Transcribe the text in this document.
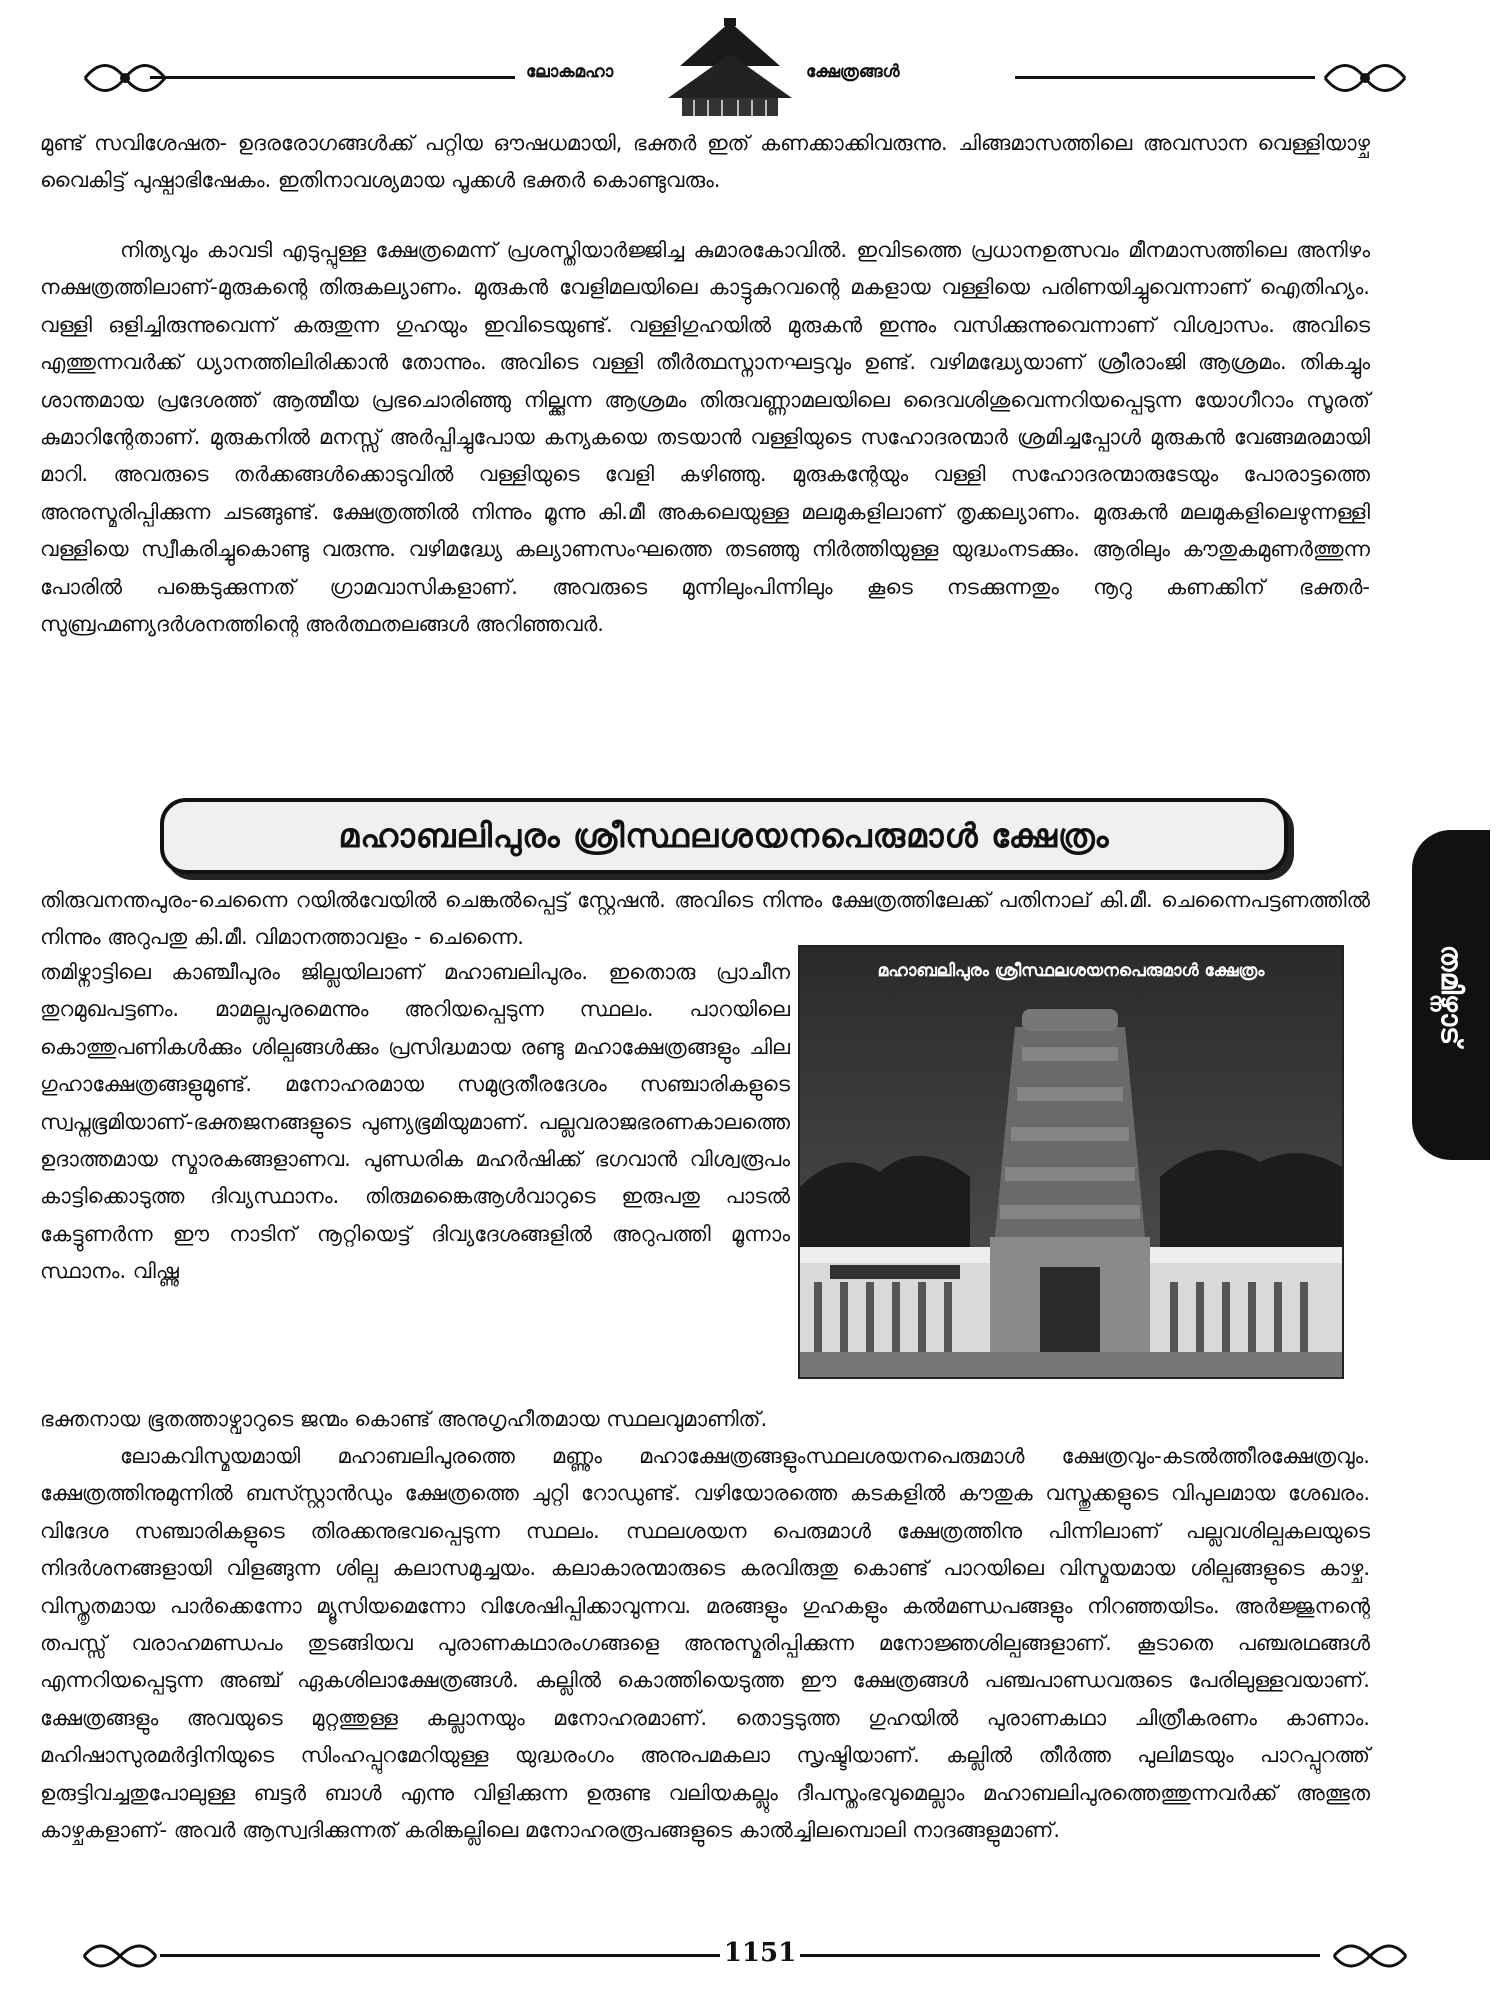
ലോകമഹാ	ക്ഷേത്രങ്ങൾ

മുണ്ട് സവിശേഷത- ഉദരരോഗങ്ങൾക്ക് പറ്റിയ ഔഷധമായി, ഭക്തർ ഇത് കണക്കാക്കിവരുന്നു. ചിങ്ങമാസത്തിലെ അവസാന വെള്ളിയാഴ്ച വൈകിട്ട് പുഷ്പാഭിഷേകം. ഇതിനാവശ്യമായ പൂക്കൾ ഭക്തർ കൊണ്ടുവരും.

നിത്യവും കാവടി എടുപ്പുള്ള ക്ഷേത്രമെന്ന് പ്രശസ്തിയാർജ്ജിച്ച കുമാരകോവിൽ. ഇവിടത്തെ പ്രധാനഉത്സവം മീനമാസത്തിലെ അനിഴം നക്ഷത്രത്തിലാണ്-മുരുകന്റെ തിരുകല്യാണം. മുരുകൻ വേളിമലയിലെ കാട്ടുകുറവന്റെ മകളായ വള്ളിയെ പരിണയിച്ചുവെന്നാണ് ഐതിഹ്യം. വള്ളി ഒളിച്ചിരുന്നുവെന്ന് കരുതുന്ന ഗുഹയും ഇവിടെയുണ്ട്. വള്ളിഗുഹയിൽ മുരുകൻ ഇന്നും വസിക്കുന്നുവെന്നാണ് വിശ്വാസം. അവിടെ എത്തുന്നവർക്ക് ധ്യാനത്തിലിരിക്കാൻ തോന്നും. അവിടെ വള്ളി തീർത്ഥസ്നാനഘട്ടവും ഉണ്ട്. വഴിമദ്ധ്യേയാണ് ശ്രീരാംജി ആശ്രമം. തികച്ചും ശാന്തമായ പ്രദേശത്ത് ആത്മീയ പ്രഭചൊരിഞ്ഞു നില്ക്കുന്ന ആശ്രമം തിരുവണ്ണാമലയിലെ ദൈവശിശുവെന്നറിയപ്പെടുന്ന യോഗീറാം സൂരത് കുമാറിന്റേതാണ്. മുരുകനിൽ മനസ്സ് അർപ്പിച്ചുപോയ കന്യകയെ തടയാൻ വള്ളിയുടെ സഹോദരന്മാർ ശ്രമിച്ചപ്പോൾ മുരുകൻ വേങ്ങമരമായി മാറി. അവരുടെ തർക്കങ്ങൾക്കൊടുവിൽ വള്ളിയുടെ വേളി കഴിഞ്ഞു. മുരുകന്റേയും വള്ളി സഹോദരന്മാരുടേയും പോരാട്ടത്തെ അനുസ്മരിപ്പിക്കുന്ന ചടങ്ങുണ്ട്. ക്ഷേത്രത്തിൽ നിന്നും മൂന്നു കി.മീ അകലെയുള്ള മലമുകളിലാണ് തൃക്കല്യാണം. മുരുകൻ മലമുകളിലെഴുന്നള്ളി വള്ളിയെ സ്വീകരിച്ചുകൊണ്ടു വരുന്നു. വഴിമദ്ധ്യേ കല്യാണസംഘത്തെ തടഞ്ഞു നിർത്തിയുള്ള യുദ്ധംനടക്കും. ആരിലും കൗതുകമുണർത്തുന്ന പോരിൽ പങ്കെടുക്കുന്നത് ഗ്രാമവാസികളാണ്. അവരുടെ മുന്നിലുംപിന്നിലും കൂടെ നടക്കുന്നതും നൂറു കണക്കിന് ഭക്തർ- സുബ്രഹ്മണ്യദർശനത്തിന്റെ അർത്ഥതലങ്ങൾ അറിഞ്ഞവർ.

മഹാബലിപുരം ശ്രീസ്ഥലശയനപെരുമാൾ ക്ഷേത്രം

തിരുവനന്തപുരം-ചെന്നൈ റയിൽവേയിൽ ചെങ്കൽപ്പെട്ട് സ്റ്റേഷൻ. അവിടെ നിന്നും ക്ഷേത്രത്തിലേക്ക് പതിനാല് കി.മീ. ചെന്നൈപട്ടണത്തിൽ നിന്നും അറുപതു കി.മീ. വിമാനത്താവളം - ചെന്നൈ.

തമിഴ്നാട്ടിലെ കാഞ്ചീപുരം ജില്ലയിലാണ് മഹാബലിപുരം. ഇതൊരു പ്രാചീന തുറമുഖപട്ടണം. മാമല്ലപുരമെന്നും അറിയപ്പെടുന്ന സ്ഥലം. പാറയിലെ കൊത്തുപണികൾക്കും ശില്പങ്ങൾക്കും പ്രസിദ്ധമായ രണ്ടു മഹാക്ഷേത്രങ്ങളും ചില ഗുഹാക്ഷേത്രങ്ങളുമുണ്ട്. മനോഹരമായ സമുദ്രതീരദേശം സഞ്ചാരികളുടെ സ്വപ്നഭൂമിയാണ്-ഭക്തജനങ്ങളുടെ പുണ്യഭൂമിയുമാണ്. പല്ലവരാജഭരണകാലത്തെ ഉദാത്തമായ സ്മാരകങ്ങളാണവ. പുണ്ഡരിക മഹർഷിക്ക് ഭഗവാൻ വിശ്വരൂപം കാട്ടിക്കൊടുത്ത ദിവ്യസ്ഥാനം. തിരുമങ്കൈആൾവാറുടെ ഇരുപതു പാടൽ കേട്ടുണർന്ന ഈ നാടിന് നൂറ്റിയെട്ട് ദിവ്യദേശങ്ങളിൽ അറുപത്തി മൂന്നാം സ്ഥാനം. വിഷ്ണു

മഹാബലിപുരം ശ്രീസ്ഥലശയനപെരുമാൾ ക്ഷേത്രം

ഭക്തനായ ഭൂതത്താഴ്വാറുടെ ജന്മം കൊണ്ട് അനുഗൃഹീതമായ സ്ഥലവുമാണിത്.

ലോകവിസ്മയമായി മഹാബലിപുരത്തെ മണ്ണും മഹാക്ഷേത്രങ്ങളുംസ്ഥലശയനപെരുമാൾ ക്ഷേത്രവും-കടൽത്തീരക്ഷേത്രവും. ക്ഷേത്രത്തിനുമുന്നിൽ ബസ്സ്റ്റാൻഡും ക്ഷേത്രത്തെ ചുറ്റി റോഡുണ്ട്. വഴിയോരത്തെ കടകളിൽ കൗതുക വസ്തുക്കളുടെ വിപുലമായ ശേഖരം. വിദേശ സഞ്ചാരികളുടെ തിരക്കനുഭവപ്പെടുന്ന സ്ഥലം. സ്ഥലശയന പെരുമാൾ ക്ഷേത്രത്തിനു പിന്നിലാണ് പല്ലവശില്പകലയുടെ നിദർശനങ്ങളായി വിളങ്ങുന്ന ശില്പ കലാസമുച്ചയം. കലാകാരന്മാരുടെ കരവിരുതു കൊണ്ട് പാറയിലെ വിസ്മയമായ ശില്പങ്ങളുടെ കാഴ്ച. വിസ്തൃതമായ പാർക്കെന്നോ മ്യൂസിയമെന്നോ വിശേഷിപ്പിക്കാവുന്നവ. മരങ്ങളും ഗുഹകളും കൽമണ്ഡപങ്ങളും നിറഞ്ഞയിടം. അർജ്ജുനന്റെ തപസ്സ് വരാഹമണ്ഡപം തുടങ്ങിയവ പുരാണകഥാരംഗങ്ങളെ അനുസ്മരിപ്പിക്കുന്ന മനോജ്ഞശില്പങ്ങളാണ്. കൂടാതെ പഞ്ചരഥങ്ങൾ എന്നറിയപ്പെടുന്ന അഞ്ച് ഏകശിലാക്ഷേത്രങ്ങൾ. കല്ലിൽ കൊത്തിയെടുത്ത ഈ ക്ഷേത്രങ്ങൾ പഞ്ചപാണ്ഡവരുടെ പേരിലുള്ളവയാണ്. ക്ഷേത്രങ്ങളും അവയുടെ മുറ്റത്തുള്ള കല്ലാനയും മനോഹരമാണ്. തൊട്ടടുത്ത ഗുഹയിൽ പുരാണകഥാ ചിത്രീകരണം കാണാം. മഹിഷാസുരമർദ്ദിനിയുടെ സിംഹപ്പുറമേറിയുള്ള യുദ്ധരംഗം അനുപമകലാ സൃഷ്ടിയാണ്. കല്ലിൽ തീർത്ത പുലിമടയും പാറപ്പുറത്ത് ഉരുട്ടിവച്ചതുപോലുള്ള ബട്ടർ ബാൾ എന്നു വിളിക്കുന്ന ഉരുണ്ട വലിയകല്ലും ദീപസ്തംഭവുമെല്ലാം മഹാബലിപുരത്തെത്തുന്നവർക്ക് അത്ഭുത കാഴ്ചകളാണ്- അവർ ആസ്വദിക്കുന്നത് കരിങ്കല്ലിലെ മനോഹരരൂപങ്ങളുടെ കാൽച്ചിലമ്പൊലി നാദങ്ങളുമാണ്.

തമിഴ്നാട്
1151
